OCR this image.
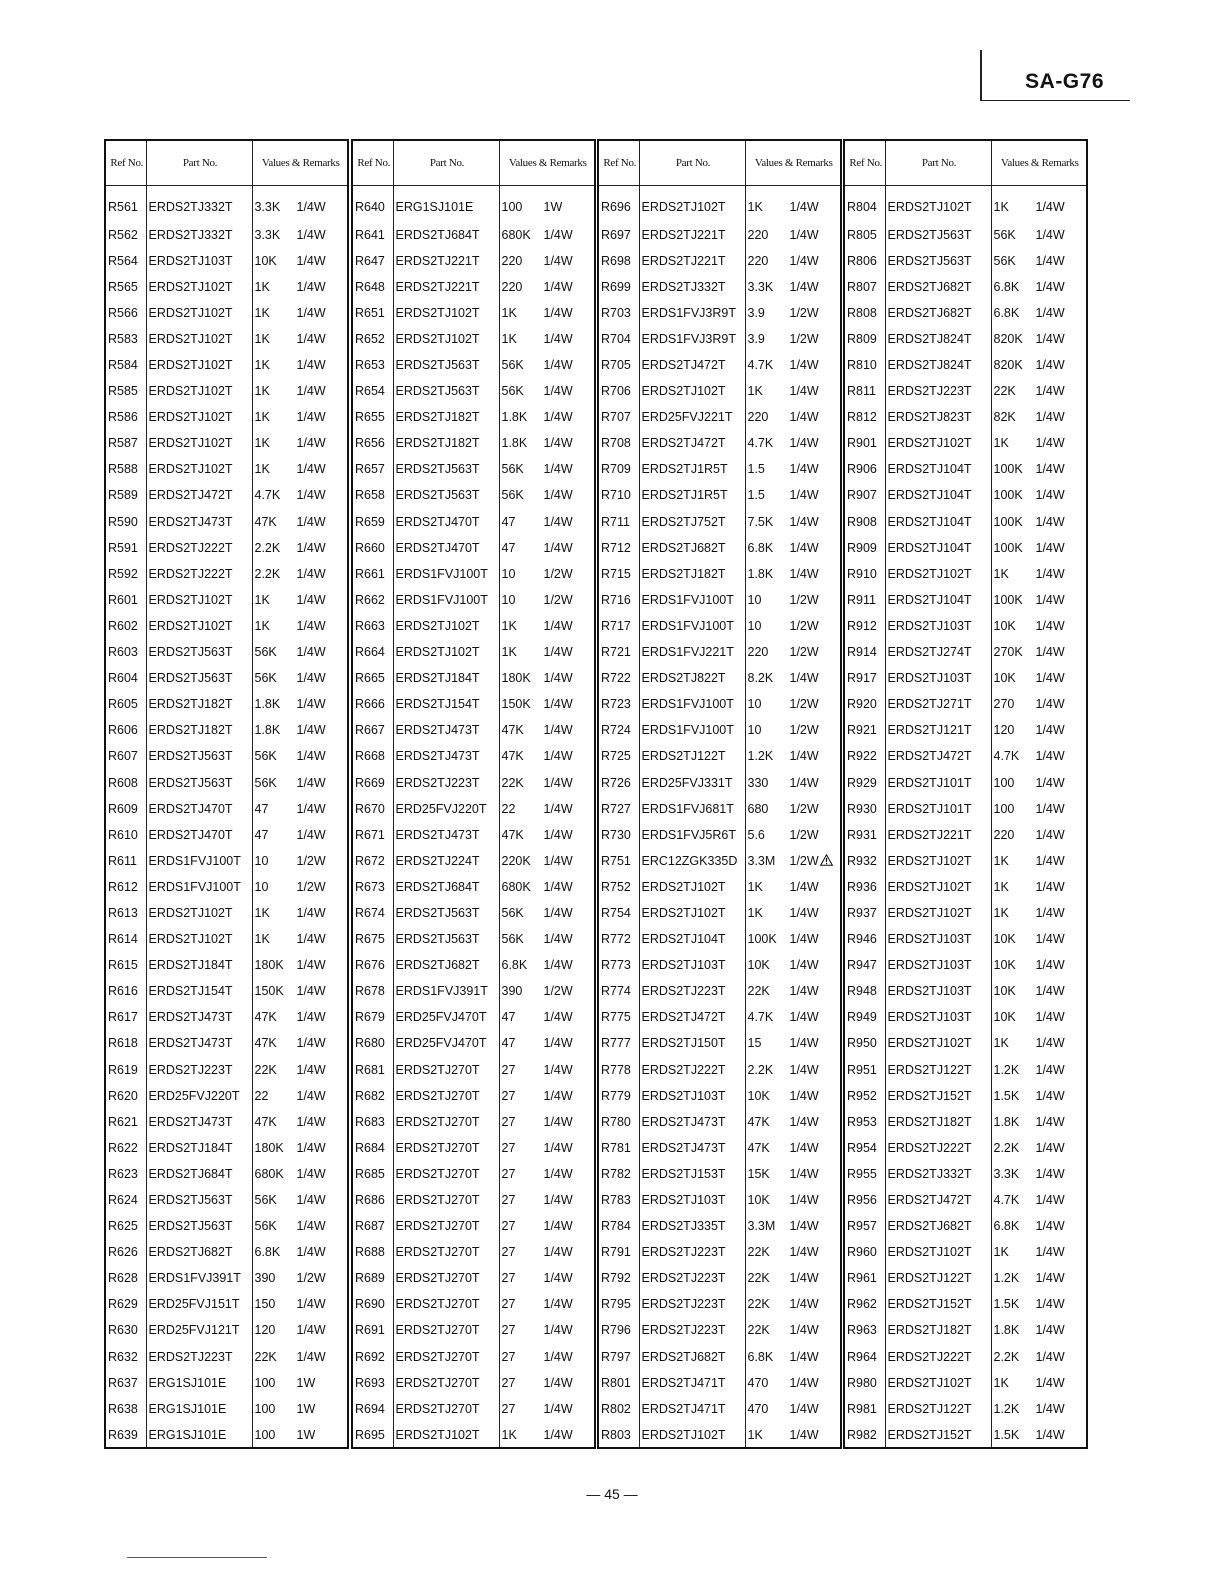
SA-G76
Ref No.	Part No.	Values & Remarks
R561	ERDS2TJ332T	3.3K 1/4W
R562	ERDS2TJ332T	3.3K 1/4W
R564	ERDS2TJ103T	10K 1/4W
R565	ERDS2TJ102T	1K 1/4W
R566	ERDS2TJ102T	1K 1/4W
R583	ERDS2TJ102T	1K 1/4W
R584	ERDS2TJ102T	1K 1/4W
R585	ERDS2TJ102T	1K 1/4W
R586	ERDS2TJ102T	1K 1/4W
R587	ERDS2TJ102T	1K 1/4W
R588	ERDS2TJ102T	1K 1/4W
R589	ERDS2TJ472T	4.7K 1/4W
R590	ERDS2TJ473T	47K 1/4W
R591	ERDS2TJ222T	2.2K 1/4W
R592	ERDS2TJ222T	2.2K 1/4W
R601	ERDS2TJ102T	1K 1/4W
R602	ERDS2TJ102T	1K 1/4W
R603	ERDS2TJ563T	56K 1/4W
R604	ERDS2TJ563T	56K 1/4W
R605	ERDS2TJ182T	1.8K 1/4W
R606	ERDS2TJ182T	1.8K 1/4W
R607	ERDS2TJ563T	56K 1/4W
R608	ERDS2TJ563T	56K 1/4W
R609	ERDS2TJ470T	47 1/4W
R610	ERDS2TJ470T	47 1/4W
R611	ERDS1FVJ100T	10 1/2W
R612	ERDS1FVJ100T	10 1/2W
R613	ERDS2TJ102T	1K 1/4W
R614	ERDS2TJ102T	1K 1/4W
R615	ERDS2TJ184T	180K 1/4W
R616	ERDS2TJ154T	150K 1/4W
R617	ERDS2TJ473T	47K 1/4W
R618	ERDS2TJ473T	47K 1/4W
R619	ERDS2TJ223T	22K 1/4W
R620	ERD25FVJ220T	22 1/4W
R621	ERDS2TJ473T	47K 1/4W
R622	ERDS2TJ184T	180K 1/4W
R623	ERDS2TJ684T	680K 1/4W
R624	ERDS2TJ563T	56K 1/4W
R625	ERDS2TJ563T	56K 1/4W
R626	ERDS2TJ682T	6.8K 1/4W
R628	ERDS1FVJ391T	390 1/2W
R629	ERD25FVJ151T	150 1/4W
R630	ERD25FVJ121T	120 1/4W
R632	ERDS2TJ223T	22K 1/4W
R637	ERG1SJ101E	100 1W
R638	ERG1SJ101E	100 1W
R639	ERG1SJ101E	100 1W
Ref No.	Part No.	Values & Remarks
R640	ERG1SJ101E	100 1W
R641	ERDS2TJ684T	680K 1/4W
R647	ERDS2TJ221T	220 1/4W
R648	ERDS2TJ221T	220 1/4W
R651	ERDS2TJ102T	1K 1/4W
R652	ERDS2TJ102T	1K 1/4W
R653	ERDS2TJ563T	56K 1/4W
R654	ERDS2TJ563T	56K 1/4W
R655	ERDS2TJ182T	1.8K 1/4W
R656	ERDS2TJ182T	1.8K 1/4W
R657	ERDS2TJ563T	56K 1/4W
R658	ERDS2TJ563T	56K 1/4W
R659	ERDS2TJ470T	47 1/4W
R660	ERDS2TJ470T	47 1/4W
R661	ERDS1FVJ100T	10 1/2W
R662	ERDS1FVJ100T	10 1/2W
R663	ERDS2TJ102T	1K 1/4W
R664	ERDS2TJ102T	1K 1/4W
R665	ERDS2TJ184T	180K 1/4W
R666	ERDS2TJ154T	150K 1/4W
R667	ERDS2TJ473T	47K 1/4W
R668	ERDS2TJ473T	47K 1/4W
R669	ERDS2TJ223T	22K 1/4W
R670	ERD25FVJ220T	22 1/4W
R671	ERDS2TJ473T	47K 1/4W
R672	ERDS2TJ224T	220K 1/4W
R673	ERDS2TJ684T	680K 1/4W
R674	ERDS2TJ563T	56K 1/4W
R675	ERDS2TJ563T	56K 1/4W
R676	ERDS2TJ682T	6.8K 1/4W
R678	ERDS1FVJ391T	390 1/2W
R679	ERD25FVJ470T	47 1/4W
R680	ERD25FVJ470T	47 1/4W
R681	ERDS2TJ270T	27 1/4W
R682	ERDS2TJ270T	27 1/4W
R683	ERDS2TJ270T	27 1/4W
R684	ERDS2TJ270T	27 1/4W
R685	ERDS2TJ270T	27 1/4W
R686	ERDS2TJ270T	27 1/4W
R687	ERDS2TJ270T	27 1/4W
R688	ERDS2TJ270T	27 1/4W
R689	ERDS2TJ270T	27 1/4W
R690	ERDS2TJ270T	27 1/4W
R691	ERDS2TJ270T	27 1/4W
R692	ERDS2TJ270T	27 1/4W
R693	ERDS2TJ270T	27 1/4W
R694	ERDS2TJ270T	27 1/4W
R695	ERDS2TJ102T	1K 1/4W
Ref No.	Part No.	Values & Remarks
R696	ERDS2TJ102T	1K 1/4W
R697	ERDS2TJ221T	220 1/4W
R698	ERDS2TJ221T	220 1/4W
R699	ERDS2TJ332T	3.3K 1/4W
R703	ERDS1FVJ3R9T	3.9 1/2W
R704	ERDS1FVJ3R9T	3.9 1/2W
R705	ERDS2TJ472T	4.7K 1/4W
R706	ERDS2TJ102T	1K 1/4W
R707	ERD25FVJ221T	220 1/4W
R708	ERDS2TJ472T	4.7K 1/4W
R709	ERDS2TJ1R5T	1.5 1/4W
R710	ERDS2TJ1R5T	1.5 1/4W
R711	ERDS2TJ752T	7.5K 1/4W
R712	ERDS2TJ682T	6.8K 1/4W
R715	ERDS2TJ182T	1.8K 1/4W
R716	ERDS1FVJ100T	10 1/2W
R717	ERDS1FVJ100T	10 1/2W
R721	ERDS1FVJ221T	220 1/2W
R722	ERDS2TJ822T	8.2K 1/4W
R723	ERDS1FVJ100T	10 1/2W
R724	ERDS1FVJ100T	10 1/2W
R725	ERDS2TJ122T	1.2K 1/4W
R726	ERD25FVJ331T	330 1/4W
R727	ERDS1FVJ681T	680 1/2W
R730	ERDS1FVJ5R6T	5.6 1/2W
R751	ERC12ZGK335D	3.3M 1/2W
R752	ERDS2TJ102T	1K 1/4W
R754	ERDS2TJ102T	1K 1/4W
R772	ERDS2TJ104T	100K 1/4W
R773	ERDS2TJ103T	10K 1/4W
R774	ERDS2TJ223T	22K 1/4W
R775	ERDS2TJ472T	4.7K 1/4W
R777	ERDS2TJ150T	15 1/4W
R778	ERDS2TJ222T	2.2K 1/4W
R779	ERDS2TJ103T	10K 1/4W
R780	ERDS2TJ473T	47K 1/4W
R781	ERDS2TJ473T	47K 1/4W
R782	ERDS2TJ153T	15K 1/4W
R783	ERDS2TJ103T	10K 1/4W
R784	ERDS2TJ335T	3.3M 1/4W
R791	ERDS2TJ223T	22K 1/4W
R792	ERDS2TJ223T	22K 1/4W
R795	ERDS2TJ223T	22K 1/4W
R796	ERDS2TJ223T	22K 1/4W
R797	ERDS2TJ682T	6.8K 1/4W
R801	ERDS2TJ471T	470 1/4W
R802	ERDS2TJ471T	470 1/4W
R803	ERDS2TJ102T	1K 1/4W
Ref No.	Part No.	Values & Remarks
R804	ERDS2TJ102T	1K 1/4W
R805	ERDS2TJ563T	56K 1/4W
R806	ERDS2TJ563T	56K 1/4W
R807	ERDS2TJ682T	6.8K 1/4W
R808	ERDS2TJ682T	6.8K 1/4W
R809	ERDS2TJ824T	820K 1/4W
R810	ERDS2TJ824T	820K 1/4W
R811	ERDS2TJ223T	22K 1/4W
R812	ERDS2TJ823T	82K 1/4W
R901	ERDS2TJ102T	1K 1/4W
R906	ERDS2TJ104T	100K 1/4W
R907	ERDS2TJ104T	100K 1/4W
R908	ERDS2TJ104T	100K 1/4W
R909	ERDS2TJ104T	100K 1/4W
R910	ERDS2TJ102T	1K 1/4W
R911	ERDS2TJ104T	100K 1/4W
R912	ERDS2TJ103T	10K 1/4W
R914	ERDS2TJ274T	270K 1/4W
R917	ERDS2TJ103T	10K 1/4W
R920	ERDS2TJ271T	270 1/4W
R921	ERDS2TJ121T	120 1/4W
R922	ERDS2TJ472T	4.7K 1/4W
R929	ERDS2TJ101T	100 1/4W
R930	ERDS2TJ101T	100 1/4W
R931	ERDS2TJ221T	220 1/4W
R932	ERDS2TJ102T	1K 1/4W
R936	ERDS2TJ102T	1K 1/4W
R937	ERDS2TJ102T	1K 1/4W
R946	ERDS2TJ103T	10K 1/4W
R947	ERDS2TJ103T	10K 1/4W
R948	ERDS2TJ103T	10K 1/4W
R949	ERDS2TJ103T	10K 1/4W
R950	ERDS2TJ102T	1K 1/4W
R951	ERDS2TJ122T	1.2K 1/4W
R952	ERDS2TJ152T	1.5K 1/4W
R953	ERDS2TJ182T	1.8K 1/4W
R954	ERDS2TJ222T	2.2K 1/4W
R955	ERDS2TJ332T	3.3K 1/4W
R956	ERDS2TJ472T	4.7K 1/4W
R957	ERDS2TJ682T	6.8K 1/4W
R960	ERDS2TJ102T	1K 1/4W
R961	ERDS2TJ122T	1.2K 1/4W
R962	ERDS2TJ152T	1.5K 1/4W
R963	ERDS2TJ182T	1.8K 1/4W
R964	ERDS2TJ222T	2.2K 1/4W
R980	ERDS2TJ102T	1K 1/4W
R981	ERDS2TJ122T	1.2K 1/4W
R982	ERDS2TJ152T	1.5K 1/4W
— 45 —
